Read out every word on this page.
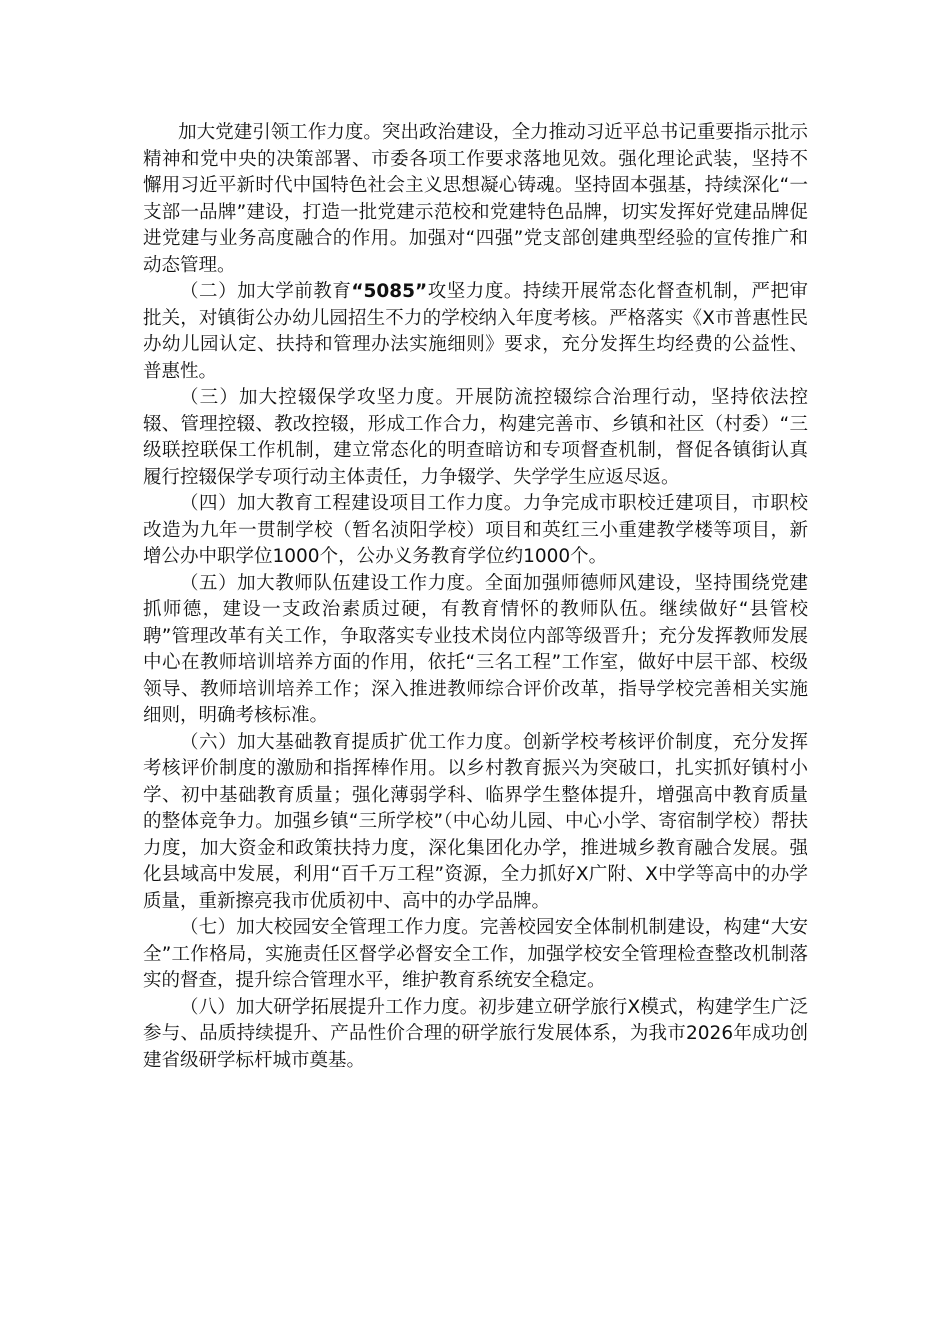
加大党建引领工作力度。突出政治建设，全力推动习近平总书记重要指示批示精神和党中央的决策部署、市委各项工作要求落地见效。强化理论武装，坚持不懈用习近平新时代中国特色社会主义思想凝心铸魂。坚持固本强基，持续深化“一支部一品牌”建设，打造一批党建示范校和党建特色品牌，切实发挥好党建品牌促进党建与业务高度融合的作用。加强对“四强”党支部创建典型经验的宣传推广和动态管理。

（二）加大学前教育“5085”攻坚力度。持续开展常态化督查机制，严把审批关，对镇街公办幼儿园招生不力的学校纳入年度考核。严格落实《X市普惠性民办幼儿园认定、扶持和管理办法实施细则》要求，充分发挥生均经费的公益性、普惠性。

（三）加大控辍保学攻坚力度。开展防流控辍综合治理行动，坚持依法控辍、管理控辍、教改控辍，形成工作合力，构建完善市、乡镇和社区（村委）“三级联控联保工作机制，建立常态化的明查暗访和专项督查机制，督促各镇街认真履行控辍保学专项行动主体责任，力争辍学、失学学生应返尽返。

（四）加大教育工程建设项目工作力度。力争完成市职校迁建项目，市职校改造为九年一贯制学校（暂名浈阳学校）项目和英红三小重建教学楼等项目，新增公办中职学位1000个，公办义务教育学位约1000个。

（五）加大教师队伍建设工作力度。全面加强师德师风建设，坚持围绕党建抓师德，建设一支政治素质过硬，有教育情怀的教师队伍。继续做好“县管校聘”管理改革有关工作，争取落实专业技术岗位内部等级晋升；充分发挥教师发展中心在教师培训培养方面的作用，依托“三名工程”工作室，做好中层干部、校级领导、教师培训培养工作；深入推进教师综合评价改革，指导学校完善相关实施细则，明确考核标准。

（六）加大基础教育提质扩优工作力度。创新学校考核评价制度，充分发挥考核评价制度的激励和指挥棒作用。以乡村教育振兴为突破口，扎实抓好镇村小学、初中基础教育质量；强化薄弱学科、临界学生整体提升，增强高中教育质量的整体竞争力。加强乡镇“三所学校”（中心幼儿园、中心小学、寄宿制学校）帮扶力度，加大资金和政策扶持力度，深化集团化办学，推进城乡教育融合发展。强化县域高中发展，利用“百千万工程”资源，全力抓好X广附、X中学等高中的办学质量，重新擦亮我市优质初中、高中的办学品牌。

（七）加大校园安全管理工作力度。完善校园安全体制机制建设，构建“大安全”工作格局，实施责任区督学必督安全工作，加强学校安全管理检查整改机制落实的督查，提升综合管理水平，维护教育系统安全稳定。

（八）加大研学拓展提升工作力度。初步建立研学旅行X模式，构建学生广泛参与、品质持续提升、产品性价合理的研学旅行发展体系，为我市2026年成功创建省级研学标杆城市奠基。
